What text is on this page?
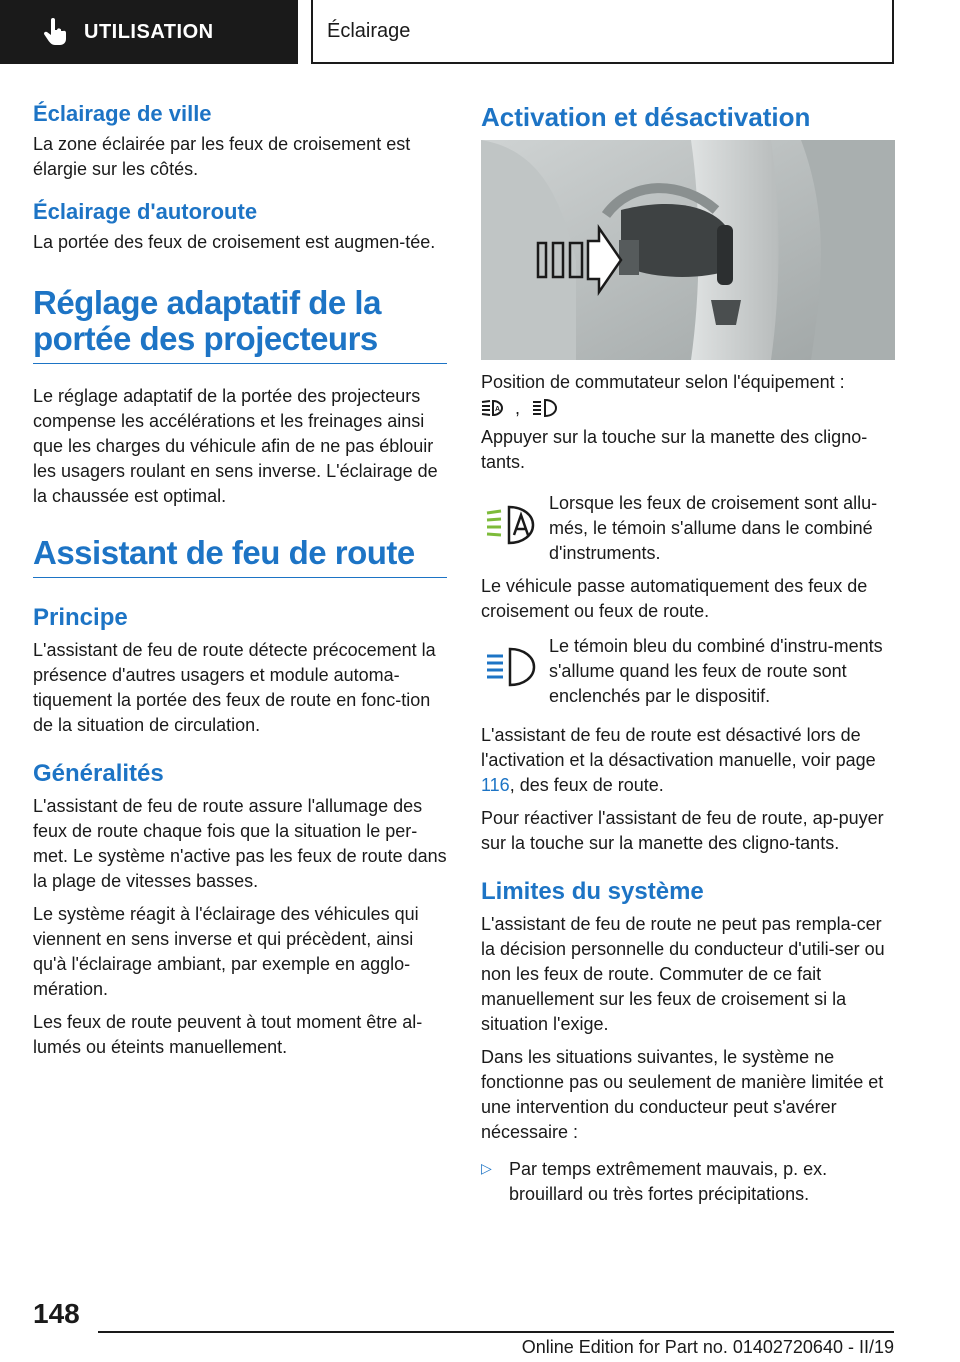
UTILISATION	Éclairage
Éclairage de ville

La zone éclairée par les feux de croisement est élargie sur les côtés.

Éclairage d'autoroute

La portée des feux de croisement est augmen-tée.

Réglage adaptatif de la portée des projecteurs

Le réglage adaptatif de la portée des projecteurs compense les accélérations et les freinages ainsi que les charges du véhicule afin de ne pas éblouir les usagers roulant en sens inverse. L'éclairage de la chaussée est optimal.

Assistant de feu de route
Principe

L'assistant de feu de route détecte précocement la présence d'autres usagers et module automa-tiquement la portée des feux de route en fonc-tion de la situation de circulation.

Généralités

L'assistant de feu de route assure l'allumage des feux de route chaque fois que la situation le per-met. Le système n'active pas les feux de route dans la plage de vitesses basses.

Le système réagit à l'éclairage des véhicules qui viennent en sens inverse et qui précèdent, ainsi qu'à l'éclairage ambiant, par exemple en agglo-mération.

Les feux de route peuvent à tout moment être al-lumés ou éteints manuellement.

Activation et désactivation

Position de commutateur selon l'équipement :

A ,

Appuyer sur la touche sur la manette des cligno-tants.

Lorsque les feux de croisement sont allu-més, le témoin s'allume dans le combiné d'instruments.

Le véhicule passe automatiquement des feux de croisement ou feux de route.

Le témoin bleu du combiné d'instru-ments s'allume quand les feux de route sont enclenchés par le dispositif.

L'assistant de feu de route est désactivé lors de l'activation et la désactivation manuelle, voir page 116, des feux de route.

Pour réactiver l'assistant de feu de route, ap-puyer sur la touche sur la manette des cligno-tants.

Limites du système

L'assistant de feu de route ne peut pas rempla-cer la décision personnelle du conducteur d'utili-ser ou non les feux de route. Commuter de ce fait manuellement sur les feux de croisement si la situation l'exige.

Dans les situations suivantes, le système ne fonctionne pas ou seulement de manière limitée et une intervention du conducteur peut s'avérer nécessaire :

▷ Par temps extrêmement mauvais, p. ex. brouillard ou très fortes précipitations.

148
Online Edition for Part no. 01402720640 - II/19
